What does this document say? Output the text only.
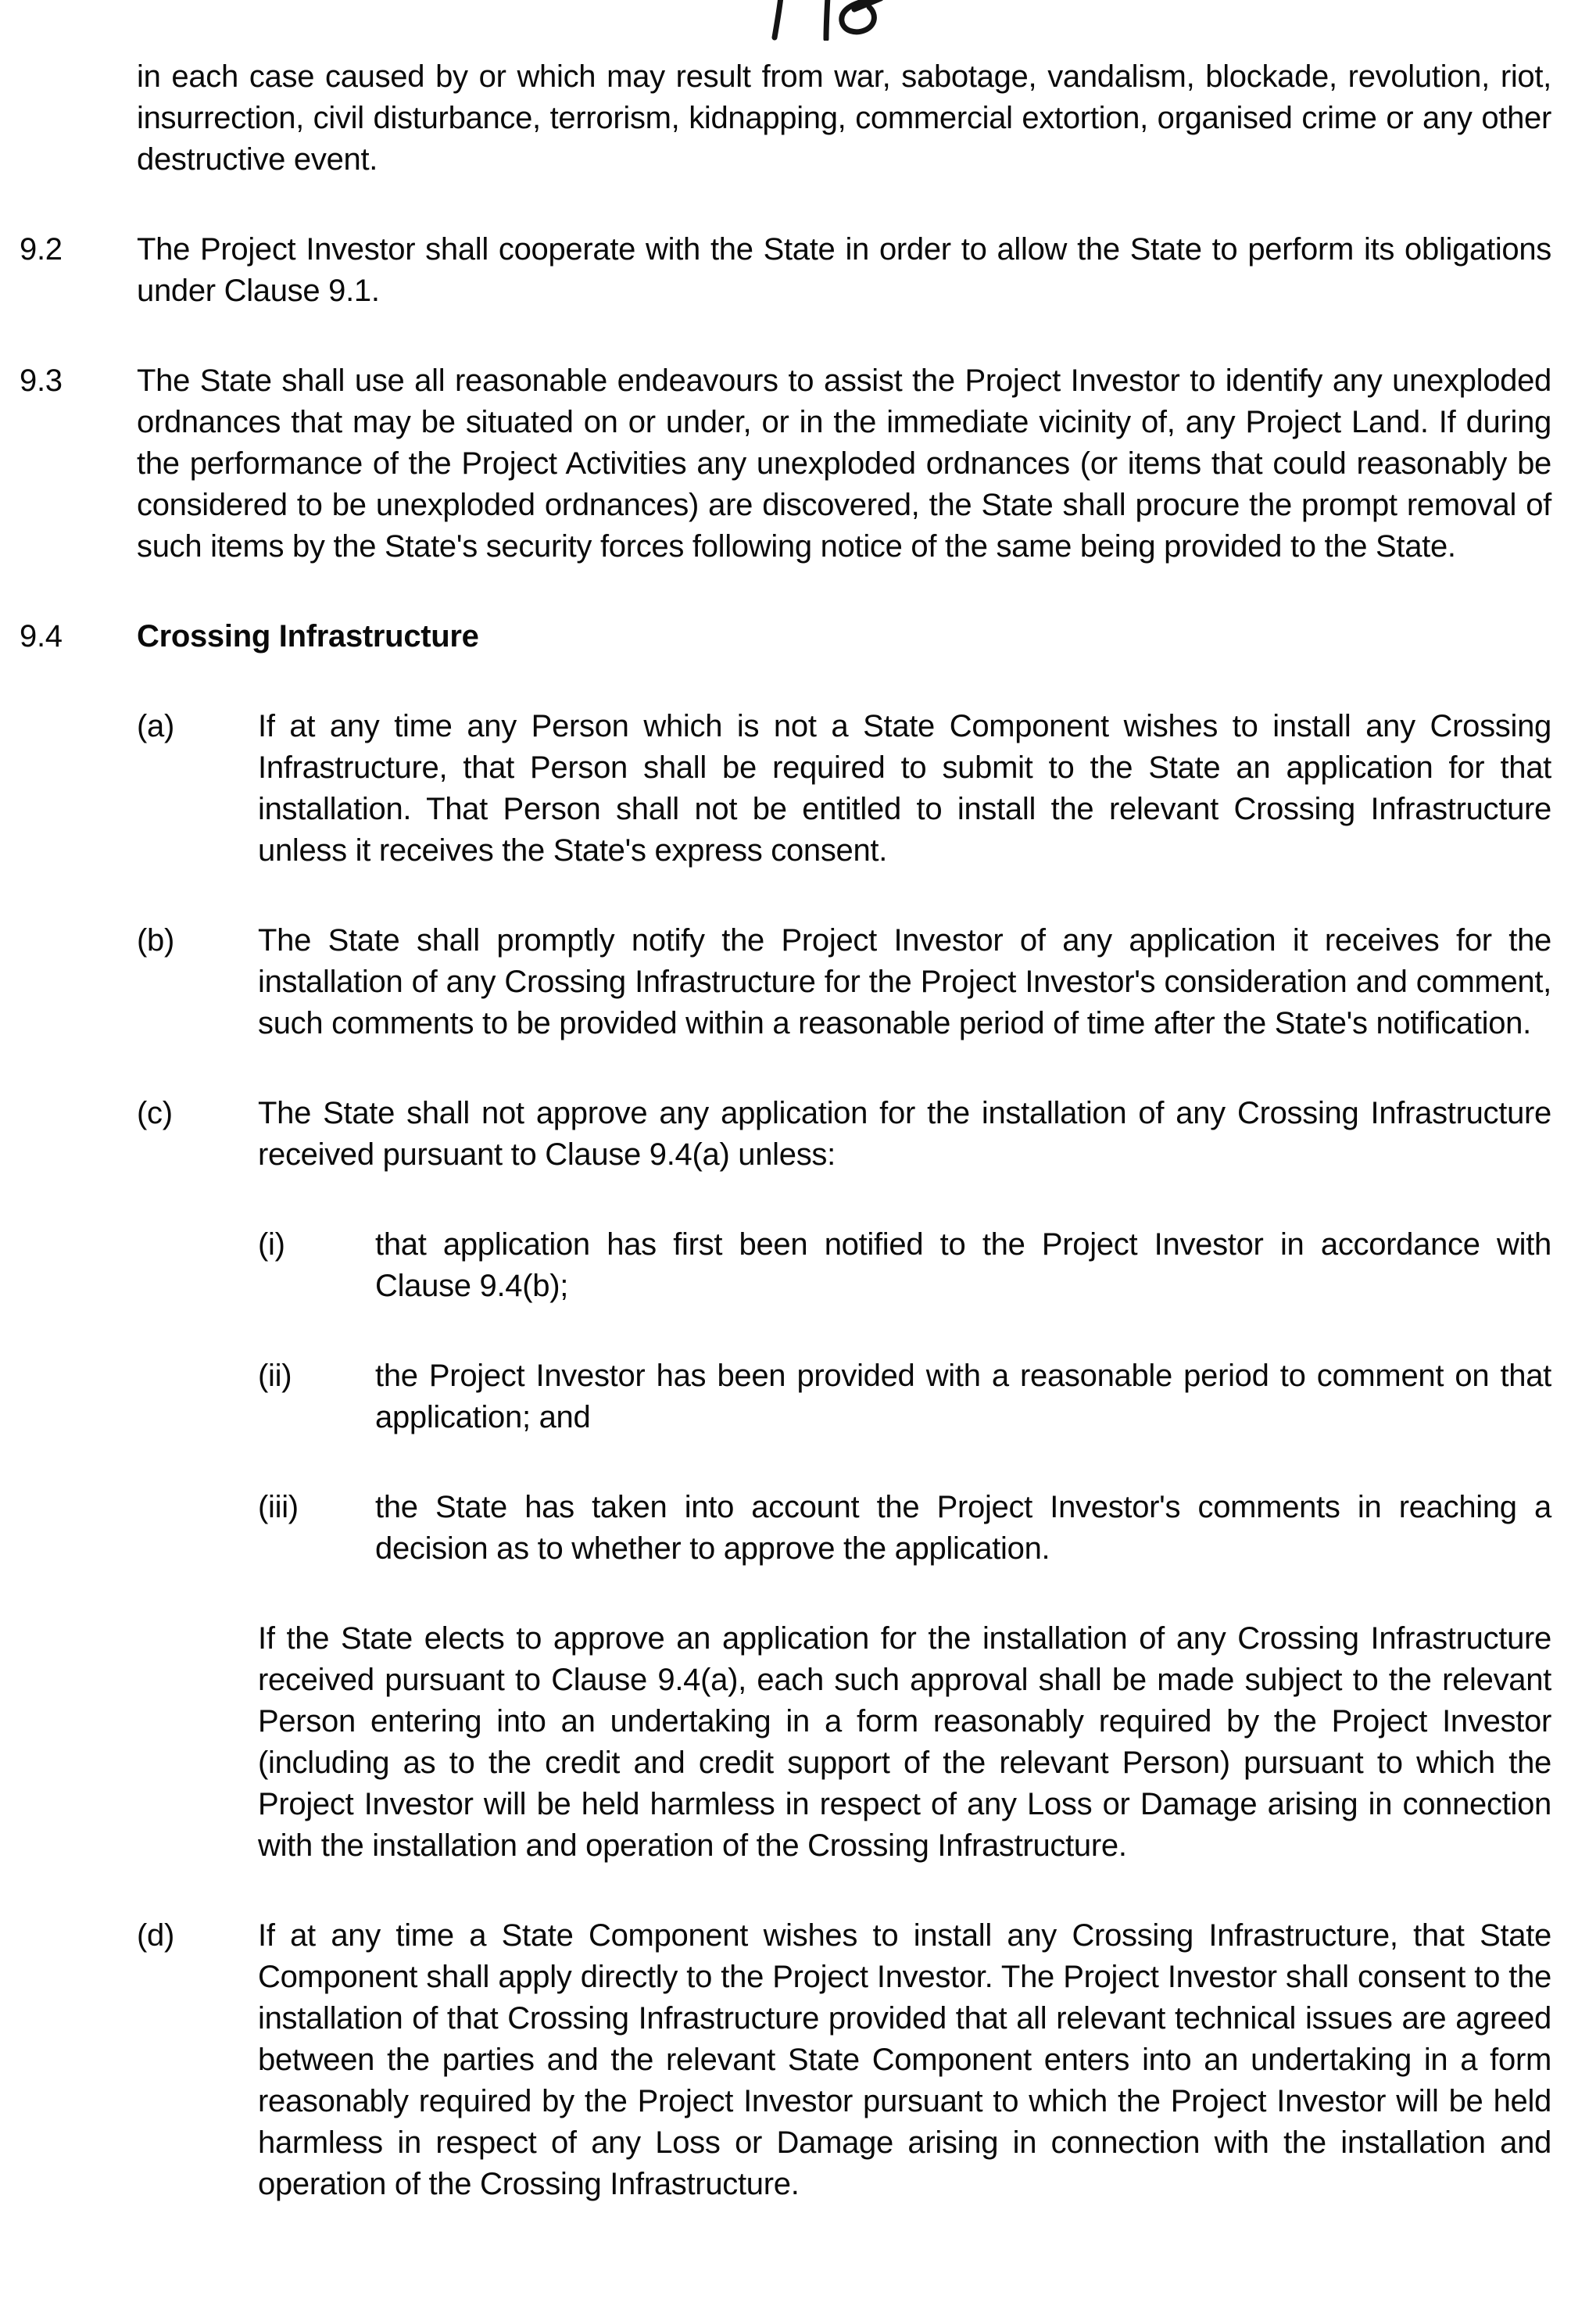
in each case caused by or which may result from war, sabotage, vandalism, blockade, revolution, riot, insurrection, civil disturbance, terrorism, kidnapping, commercial extortion, organised crime or any other destructive event.

9.2	The Project Investor shall cooperate with the State in order to allow the State to perform its obligations under Clause 9.1.

9.3	The State shall use all reasonable endeavours to assist the Project Investor to identify any unexploded ordnances that may be situated on or under, or in the immediate vicinity of, any Project Land. If during the performance of the Project Activities any unexploded ordnances (or items that could reasonably be considered to be unexploded ordnances) are discovered, the State shall procure the prompt removal of such items by the State's security forces following notice of the same being provided to the State.

9.4	Crossing Infrastructure
(a)	If at any time any Person which is not a State Component wishes to install any Crossing Infrastructure, that Person shall be required to submit to the State an application for that installation. That Person shall not be entitled to install the relevant Crossing Infrastructure unless it receives the State's express consent.

(b)	The State shall promptly notify the Project Investor of any application it receives for the installation of any Crossing Infrastructure for the Project Investor's consideration and comment, such comments to be provided within a reasonable period of time after the State's notification.

(c)	The State shall not approve any application for the installation of any Crossing Infrastructure received pursuant to Clause 9.4(a) unless:

(i)	that application has first been notified to the Project Investor in accordance with Clause 9.4(b);

(ii)	the Project Investor has been provided with a reasonable period to comment on that application; and

(iii)	the State has taken into account the Project Investor's comments in reaching a decision as to whether to approve the application.

If the State elects to approve an application for the installation of any Crossing Infrastructure received pursuant to Clause 9.4(a), each such approval shall be made subject to the relevant Person entering into an undertaking in a form reasonably required by the Project Investor (including as to the credit and credit support of the relevant Person) pursuant to which the Project Investor will be held harmless in respect of any Loss or Damage arising in connection with the installation and operation of the Crossing Infrastructure.

(d)	If at any time a State Component wishes to install any Crossing Infrastructure, that State Component shall apply directly to the Project Investor. The Project Investor shall consent to the installation of that Crossing Infrastructure provided that all relevant technical issues are agreed between the parties and the relevant State Component enters into an undertaking in a form reasonably required by the Project Investor pursuant to which the Project Investor will be held harmless in respect of any Loss or Damage arising in connection with the installation and operation of the Crossing Infrastructure.
